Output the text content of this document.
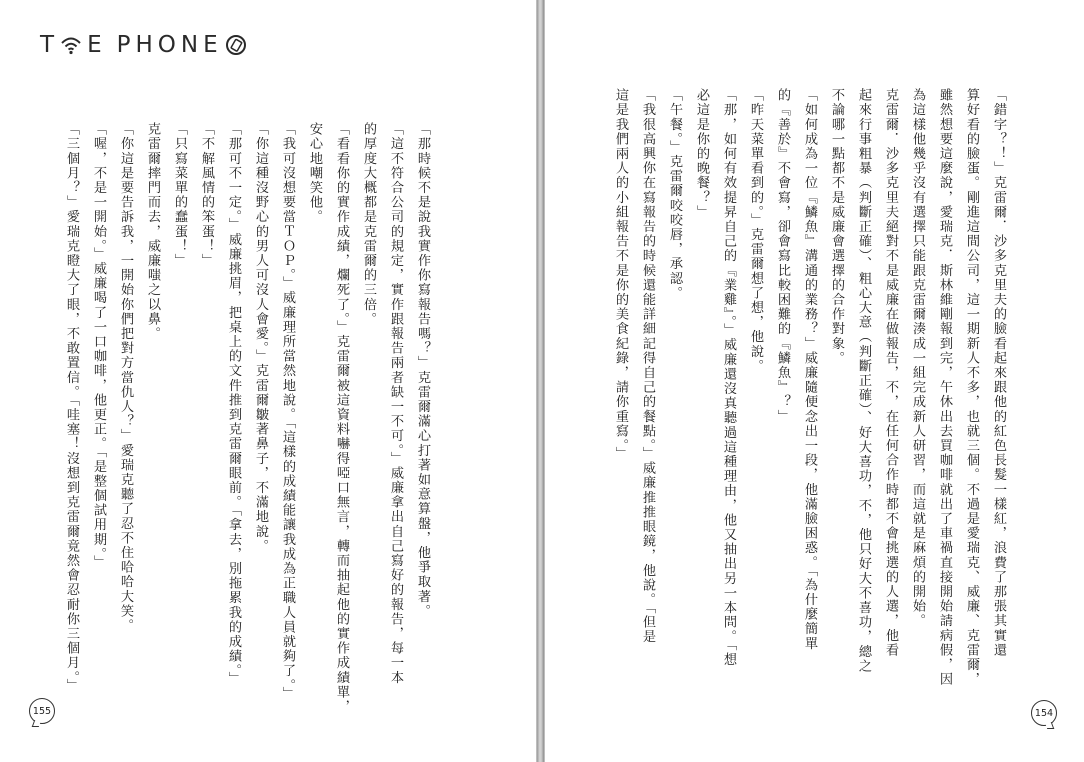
T E PHON E

「那時候不是說我實作你寫報告嗎？」克雷爾滿心打著如意算盤，他爭取著。

「這不符合公司的規定，實作跟報告兩者缺一不可。」威廉拿出自己寫好的報告，每一本

的厚度大概都是克雷爾的三倍。

「看看你的實作成績，爛死了。」克雷爾被這資料嚇得啞口無言，轉而抽起他的實作成績單，

安心地嘲笑他。

「我可沒想要當ＴＯＰ。」威廉理所當然地說。「這樣的成績能讓我成為正職人員就夠了。」

「你這種沒野心的男人可沒人會愛。」克雷爾皺著鼻子，不滿地說。

「那可不一定。」威廉挑眉，把桌上的文件推到克雷爾眼前。「拿去，別拖累我的成績。」

「不解風情的笨蛋！」

「只寫菜單的蠢蛋！」

克雷爾摔門而去，威廉嗤之以鼻。

「你這是要告訴我，一開始你們把對方當仇人？」愛瑞克聽了忍不住哈哈大笑。

「喔，不是一開始。」威廉喝了一口咖啡，他更正。「是整個試用期。」

「三個月？」愛瑞克瞪大了眼，不敢置信。「哇塞！沒想到克雷爾竟然會忍耐你三個月。」

155

「錯字？！」克雷爾．沙多克里夫的臉看起來跟他的紅色長髮一樣紅，浪費了那張其實還

算好看的臉蛋。剛進這間公司，這一期新人不多，也就三個。不過是愛瑞克、威廉、克雷爾，

雖然想要這麼說，愛瑞克．斯林維剛報到完，午休出去買咖啡就出了車禍直接開始請病假，因

為這樣他幾乎沒有選擇只能跟克雷爾湊成一組完成新人研習，而這就是麻煩的開始。

克雷爾．沙多克里夫絕對不是威廉在做報告，不，在任何合作時都不會挑選的人選，他看

起來行事粗暴（判斷正確）、粗心大意（判斷正確）、好大喜功，不，他只好大不喜功，總之

不論哪一點都不是威廉會選擇的合作對象。

「如何成為一位『鱗魚』溝通的業務？」威廉隨便念出一段，他滿臉困惑。「為什麼簡單

的『善於』不會寫，卻會寫比較困難的『鱗魚』？」

「昨天菜單看到的。」克雷爾想了想，他說。

「那，如何有效提昇自己的『業雞』。」威廉還沒真聽過這種理由，他又抽出另一本問。「想

必這是你的晚餐？」

「午餐。」克雷爾咬咬唇，承認。

「我很高興你在寫報告的時候還能詳細記得自己的餐點。」威廉推推眼鏡，他說。「但是

這是我們兩人的小組報告不是你的美食紀錄，請你重寫。」

154
